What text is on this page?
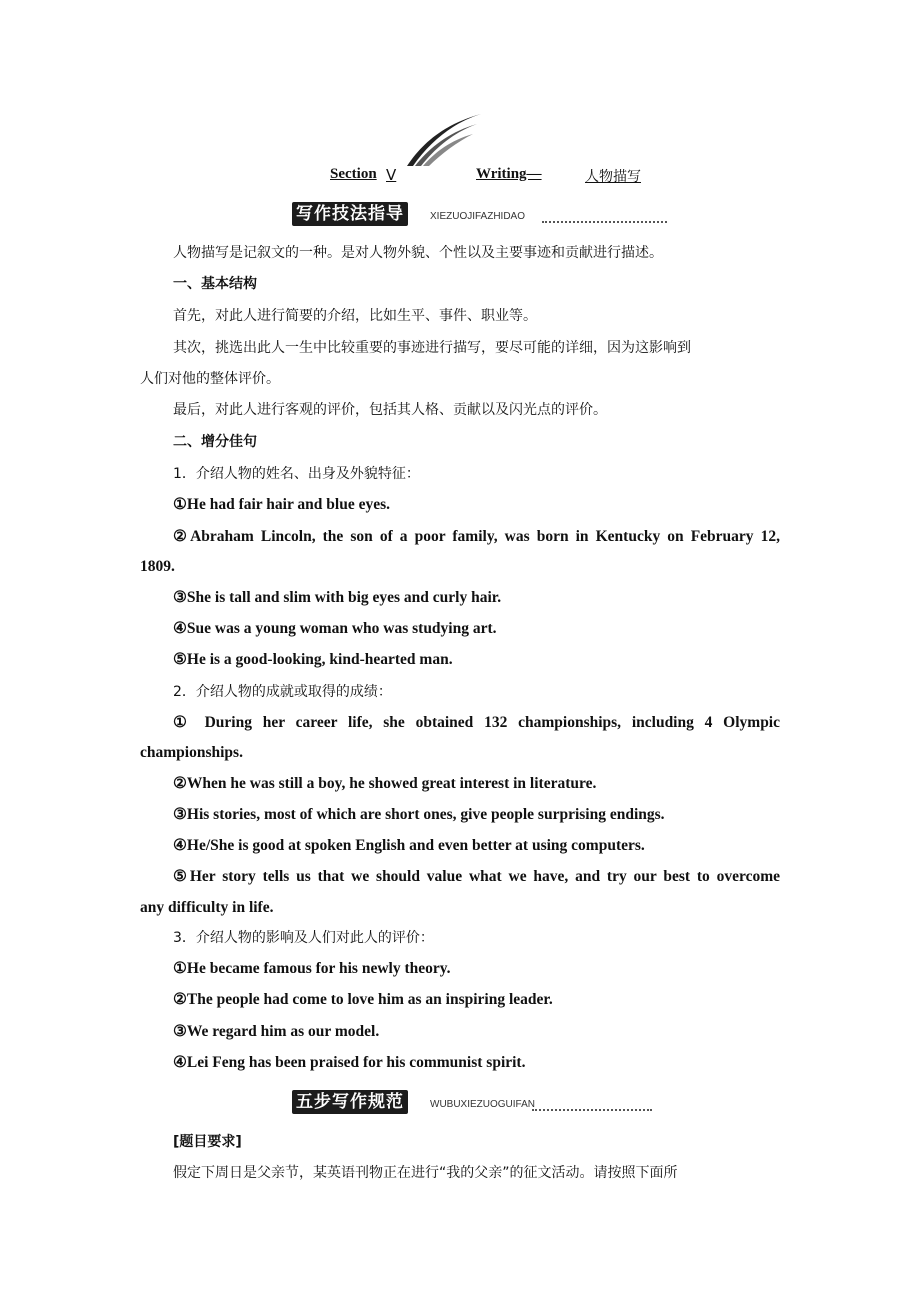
Section Ⅴ	Writing—	人物描写
写作技法指导	XIEZUOJIFAZHIDAO
人物描写是记叙文的一种。是对人物外貌、个性以及主要事迹和贡献进行描述。
一、基本结构
首先，对此人进行简要的介绍，比如生平、事件、职业等。
其次，挑选出此人一生中比较重要的事迹进行描写，要尽可能的详细，因为这影响到
人们对他的整体评价。
最后，对此人进行客观的评价，包括其人格、贡献以及闪光点的评价。
二、增分佳句
1．介绍人物的姓名、出身及外貌特征：
①He had fair hair and blue eyes.
②Abraham Lincoln, the son of a poor family, was born in Kentucky on February 12,
1809.
③She is tall and slim with big eyes and curly hair.
④Sue was a young woman who was studying art.
⑤He is a good-looking, kind-hearted man.
2．介绍人物的成就或取得的成绩：
① During her career life, she obtained 132 championships, including 4 Olympic
championships.
②When he was still a boy, he showed great interest in literature.
③His stories, most of which are short ones, give people surprising endings.
④He/She is good at spoken English and even better at using computers.
⑤Her story tells us that we should value what we have, and try our best to overcome
any difficulty in life.
3．介绍人物的影响及人们对此人的评价：
①He became famous for his newly theory.
②The people had come to love him as an inspiring leader.
③We regard him as our model.
④Lei Feng has been praised for his communist spirit.
五步写作规范	WUBUXIEZUOGUIFAN
[题目要求]
假定下周日是父亲节，某英语刊物正在进行“我的父亲”的征文活动。请按照下面所
